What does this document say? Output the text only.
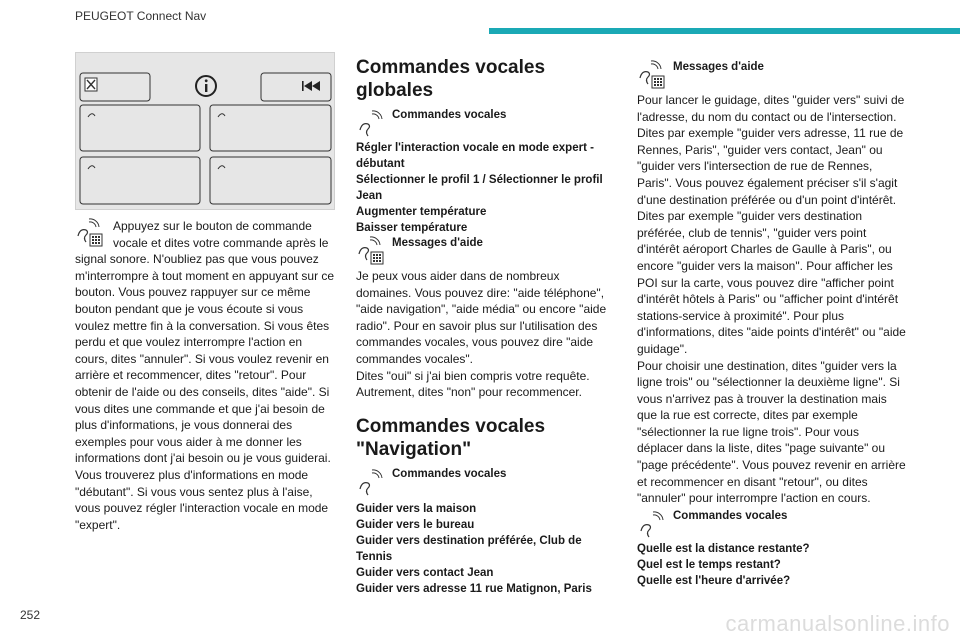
PEUGEOT Connect Nav
Appuyez sur le bouton de commande
vocale et dites votre commande après le
signal sonore. N'oubliez pas que vous pouvez m'interrompre à tout moment en appuyant sur ce bouton. Vous pouvez rappuyer sur ce même bouton pendant que je vous écoute si vous voulez mettre fin à la conversation. Si vous êtes perdu et que voulez interrompre l'action en cours, dites "annuler". Si vous voulez revenir en arrière et recommencer, dites "retour". Pour obtenir de l'aide ou des conseils, dites "aide". Si vous dites une commande et que j'ai besoin de plus d'informations, je vous donnerai des exemples pour vous aider à me donner les informations dont j'ai besoin ou je vous guiderai. Vous trouverez plus d'informations en mode "débutant". Si vous vous sentez plus à l'aise, vous pouvez régler l'interaction vocale en mode "expert".
Commandes vocales globales
Commandes vocales
Régler l'interaction vocale en mode expert - débutant
Sélectionner le profil 1 / Sélectionner le profil Jean
Augmenter température
Baisser température
Messages d'aide
Je peux vous aider dans de nombreux domaines. Vous pouvez dire: "aide téléphone", "aide navigation", "aide média" ou encore "aide radio". Pour en savoir plus sur l'utilisation des commandes vocales, vous pouvez dire "aide commandes vocales".
Dites "oui" si j'ai bien compris votre requête. Autrement, dites "non" pour recommencer.
Commandes vocales "Navigation"
Commandes vocales
Guider vers la maison
Guider vers le bureau
Guider vers destination préférée, Club de Tennis
Guider vers contact Jean
Guider vers adresse 11 rue Matignon, Paris
Messages d'aide
Pour lancer le guidage, dites "guider vers" suivi de l'adresse, du nom du contact ou de l'intersection. Dites par exemple "guider vers adresse, 11 rue de Rennes, Paris", "guider vers contact, Jean" ou "guider vers l'intersection de rue de Rennes, Paris". Vous pouvez également préciser s'il s'agit d'une destination préférée ou d'un point d'intérêt. Dites par exemple "guider vers destination préférée, club de tennis", "guider vers point d'intérêt aéroport Charles de Gaulle à Paris", ou encore "guider vers la maison". Pour afficher les POI sur la carte, vous pouvez dire "afficher point d'intérêt hôtels à Paris" ou "afficher point d'intérêt stations-service à proximité". Pour plus d'informations, dites "aide points d'intérêt" ou "aide guidage".
Pour choisir une destination, dites "guider vers la ligne trois" ou "sélectionner la deuxième ligne". Si vous n'arrivez pas à trouver la destination mais que la rue est correcte, dites par exemple "sélectionner la rue ligne trois". Pour vous déplacer dans la liste, dites "page suivante" ou "page précédente". Vous pouvez revenir en arrière et recommencer en disant "retour", ou dites "annuler" pour interrompre l'action en cours.
Commandes vocales
Quelle est la distance restante?
Quel est le temps restant?
Quelle est l'heure d'arrivée?
252	carmanualsonline.info
